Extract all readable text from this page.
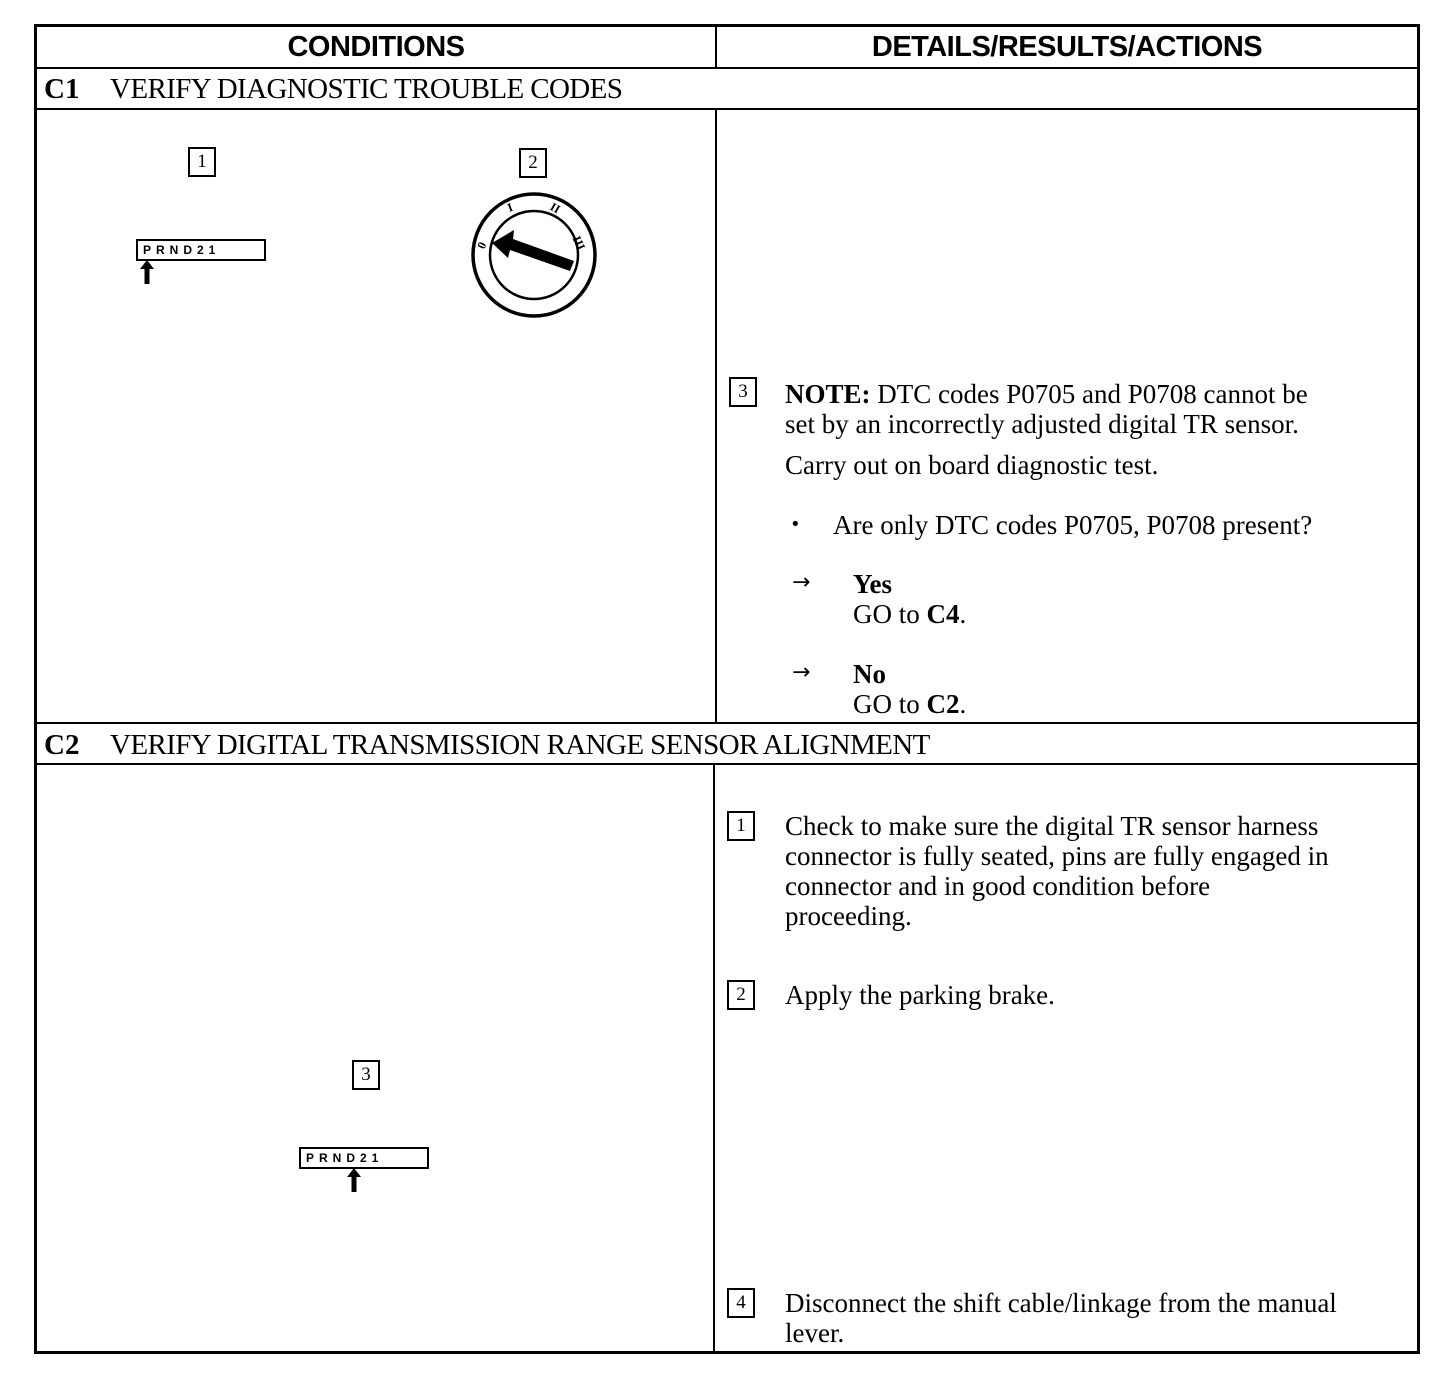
CONDITIONS	DETAILS/RESULTS/ACTIONS
C1 VERIFY DIAGNOSTIC TROUBLE CODES
1	2
PRND21	0
I	II
III
3	NOTE: DTC codes P0705 and P0708 cannot be
set by an incorrectly adjusted digital TR sensor.
Carry out on board diagnostic test.
• Are only DTC codes P0705, P0708 present?
→ Yes
GO to C4.
→ No
GO to C2.
C2 VERIFY DIGITAL TRANSMISSION RANGE SENSOR ALIGNMENT
3
PRND21
1	Check to make sure the digital TR sensor harness
connector is fully seated, pins are fully engaged in
connector and in good condition before
proceeding.
2	Apply the parking brake.
4	Disconnect the shift cable/linkage from the manual
lever.
